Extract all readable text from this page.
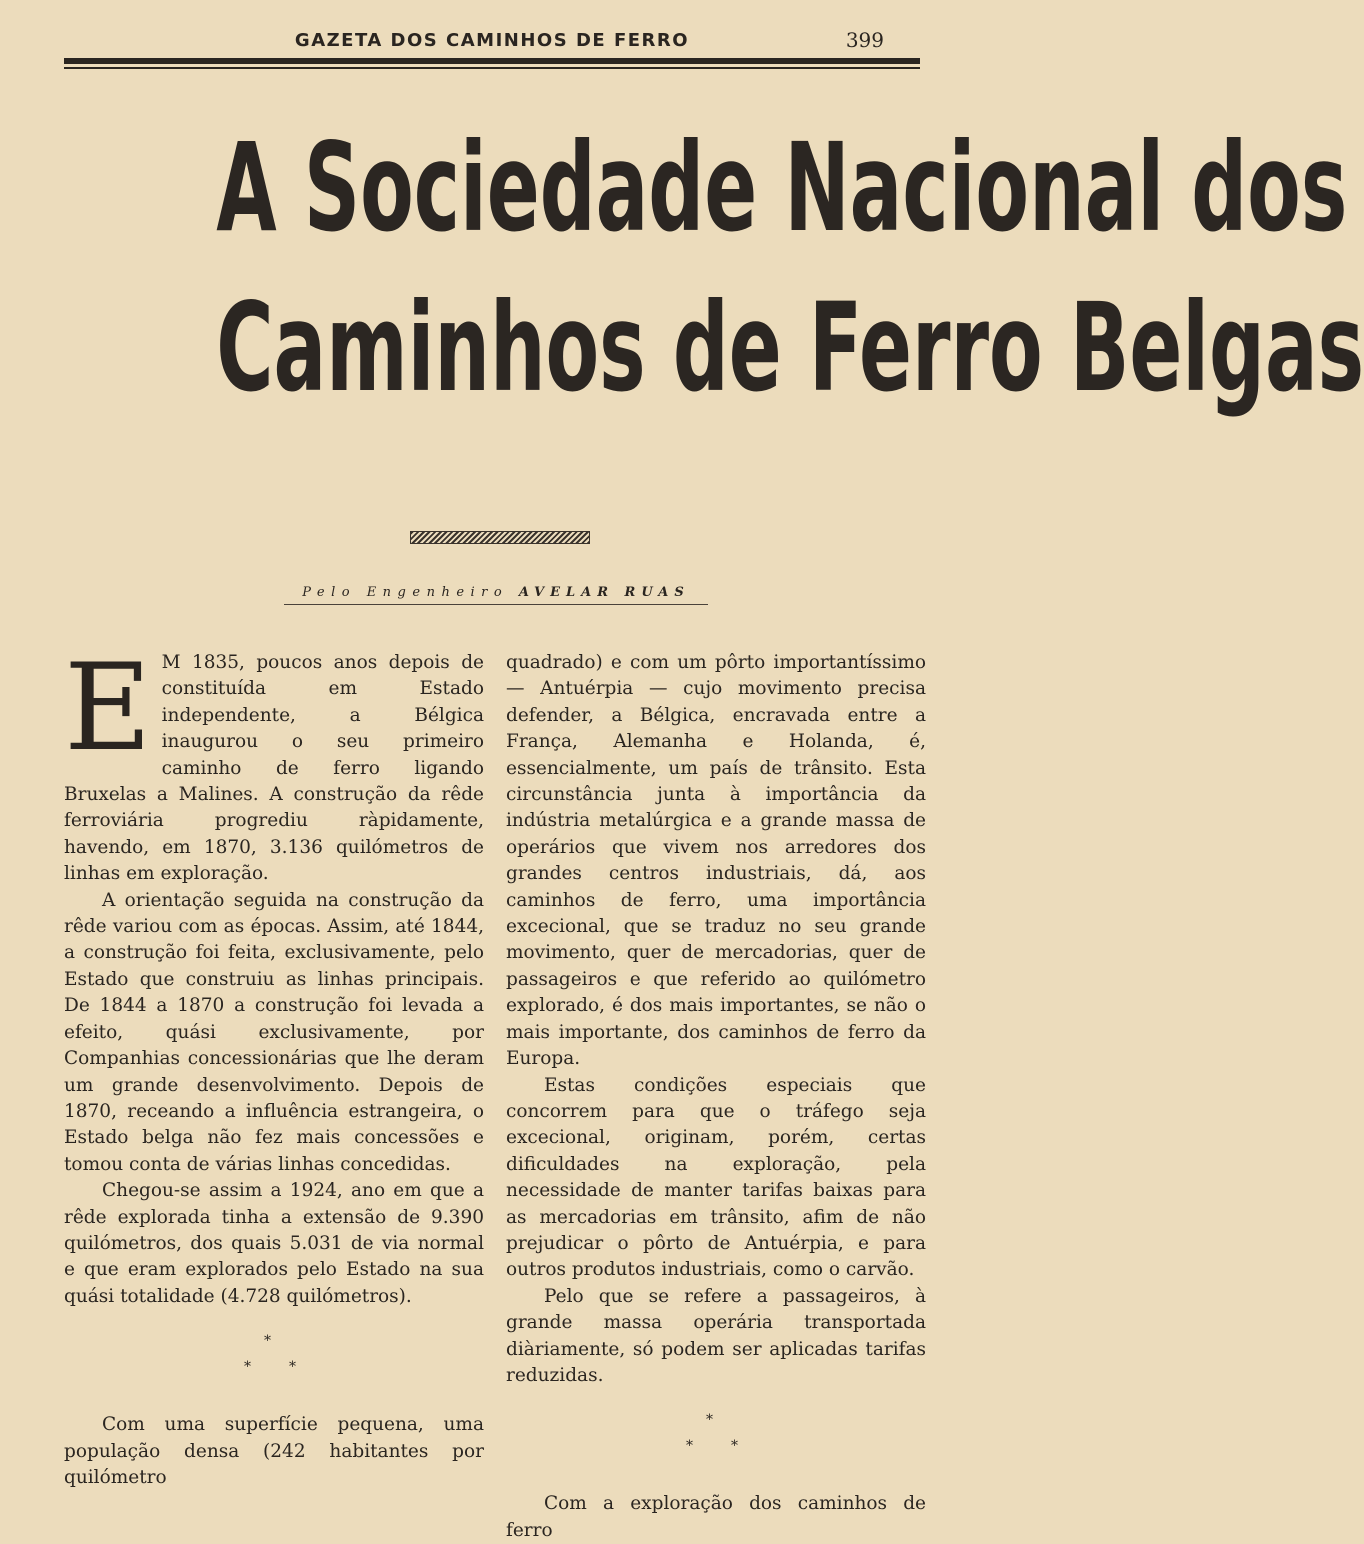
GAZETA DOS CAMINHOS DE FERRO	399
A Sociedade Nacional dos
Caminhos de Ferro Belgas
Pelo Engenheiro AVELAR RUAS
E M 1835, poucos anos depois de constituída em Estado independente, a Bélgica inaugurou o seu primeiro caminho de ferro ligando Bruxelas a Malines. A construção da rêde ferroviária progrediu ràpidamente, havendo, em 1870, 3.136 quilómetros de linhas em exploração.

A orientação seguida na construção da rêde variou com as épocas. Assim, até 1844, a construção foi feita, exclusivamente, pelo Estado que construiu as linhas principais. De 1844 a 1870 a construção foi levada a efeito, quási exclusivamente, por Companhias concessionárias que lhe deram um grande desenvolvimento. Depois de 1870, receando a influência estrangeira, o Estado belga não fez mais concessões e tomou conta de várias linhas concedidas.

Chegou-se assim a 1924, ano em que a rêde explorada tinha a extensão de 9.390 quilómetros, dos quais 5.031 de via normal e que eram explorados pelo Estado na sua quási totalidade (4.728 quilómetros).

*
*	*

Com uma superfície pequena, uma população densa (242 habitantes por quilómetro

quadrado) e com um pôrto importantíssimo — Antuérpia — cujo movimento precisa defender, a Bélgica, encravada entre a França, Alemanha e Holanda, é, essencialmente, um país de trânsito. Esta circunstância junta à importância da indústria metalúrgica e a grande massa de operários que vivem nos arredores dos grandes centros industriais, dá, aos caminhos de ferro, uma importância excecional, que se traduz no seu grande movimento, quer de mercadorias, quer de passageiros e que referido ao quilómetro explorado, é dos mais importantes, se não o mais importante, dos caminhos de ferro da Europa.

Estas condições especiais que concorrem para que o tráfego seja excecional, originam, porém, certas dificuldades na exploração, pela necessidade de manter tarifas baixas para as mercadorias em trânsito, afim de não prejudicar o pôrto de Antuérpia, e para outros produtos industriais, como o carvão.

Pelo que se refere a passageiros, à grande massa operária transportada diàriamente, só podem ser aplicadas tarifas reduzidas.

*
*	*

Com a exploração dos caminhos de ferro
